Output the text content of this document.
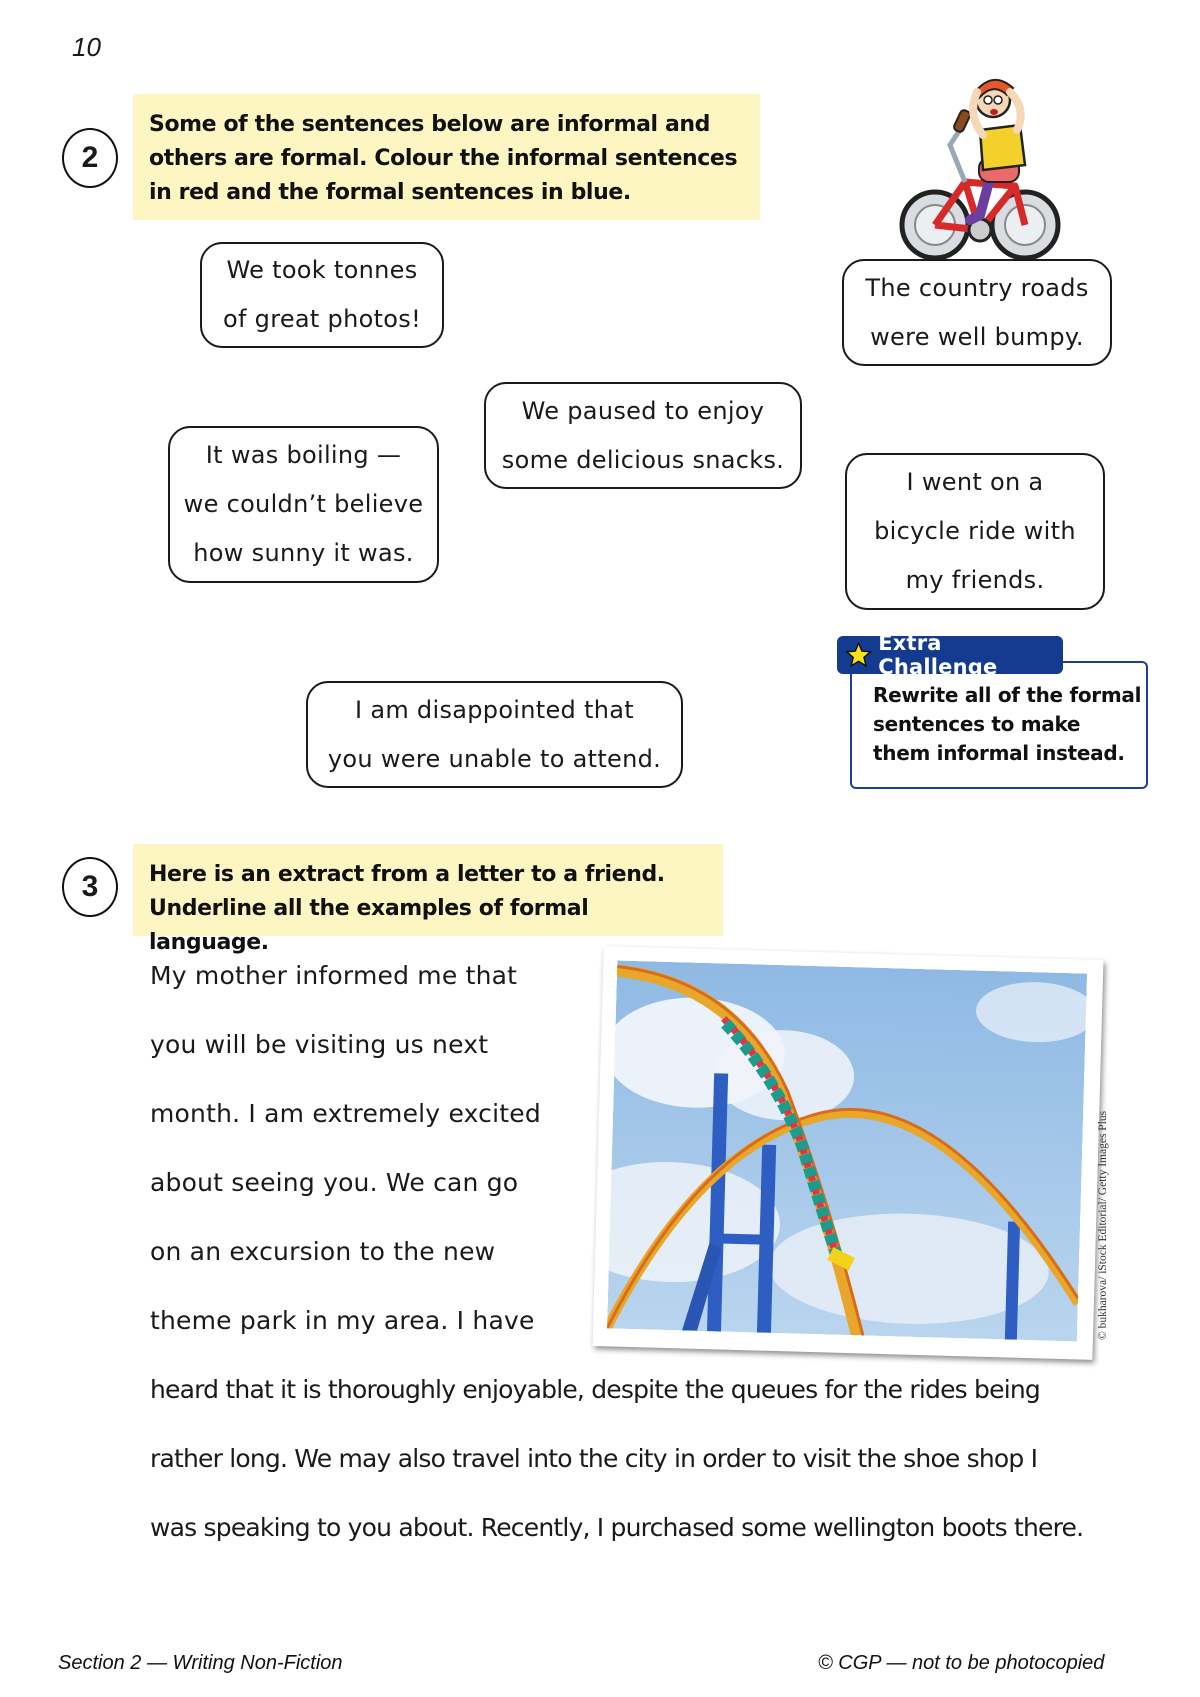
10
2
Some of the sentences below are informal and
others are formal. Colour the informal sentences
in red and the formal sentences in blue.
We took tonnes
of great photos!
The country roads
were well bumpy.
We paused to enjoy
some delicious snacks.
It was boiling —
we couldn’t believe
how sunny it was.
I went on a
bicycle ride with
my friends.
I am disappointed that
you were unable to attend.
Extra Challenge
Rewrite all of the formal
sentences to make
them informal instead.
3	Here is an extract from a letter to a friend.
Underline all the examples of formal language.
My mother informed me that
you will be visiting us next
month. I am extremely excited
about seeing you. We can go
on an excursion to the new
theme park in my area. I have
heard that it is thoroughly enjoyable, despite the queues for the rides being
rather long. We may also travel into the city in order to visit the shoe shop I
was speaking to you about. Recently, I purchased some wellington boots there.
© bukharova/ iStock Editorial/ Getty Images Plus
Section 2 — Writing Non-Fiction	© CGP — not to be photocopied
